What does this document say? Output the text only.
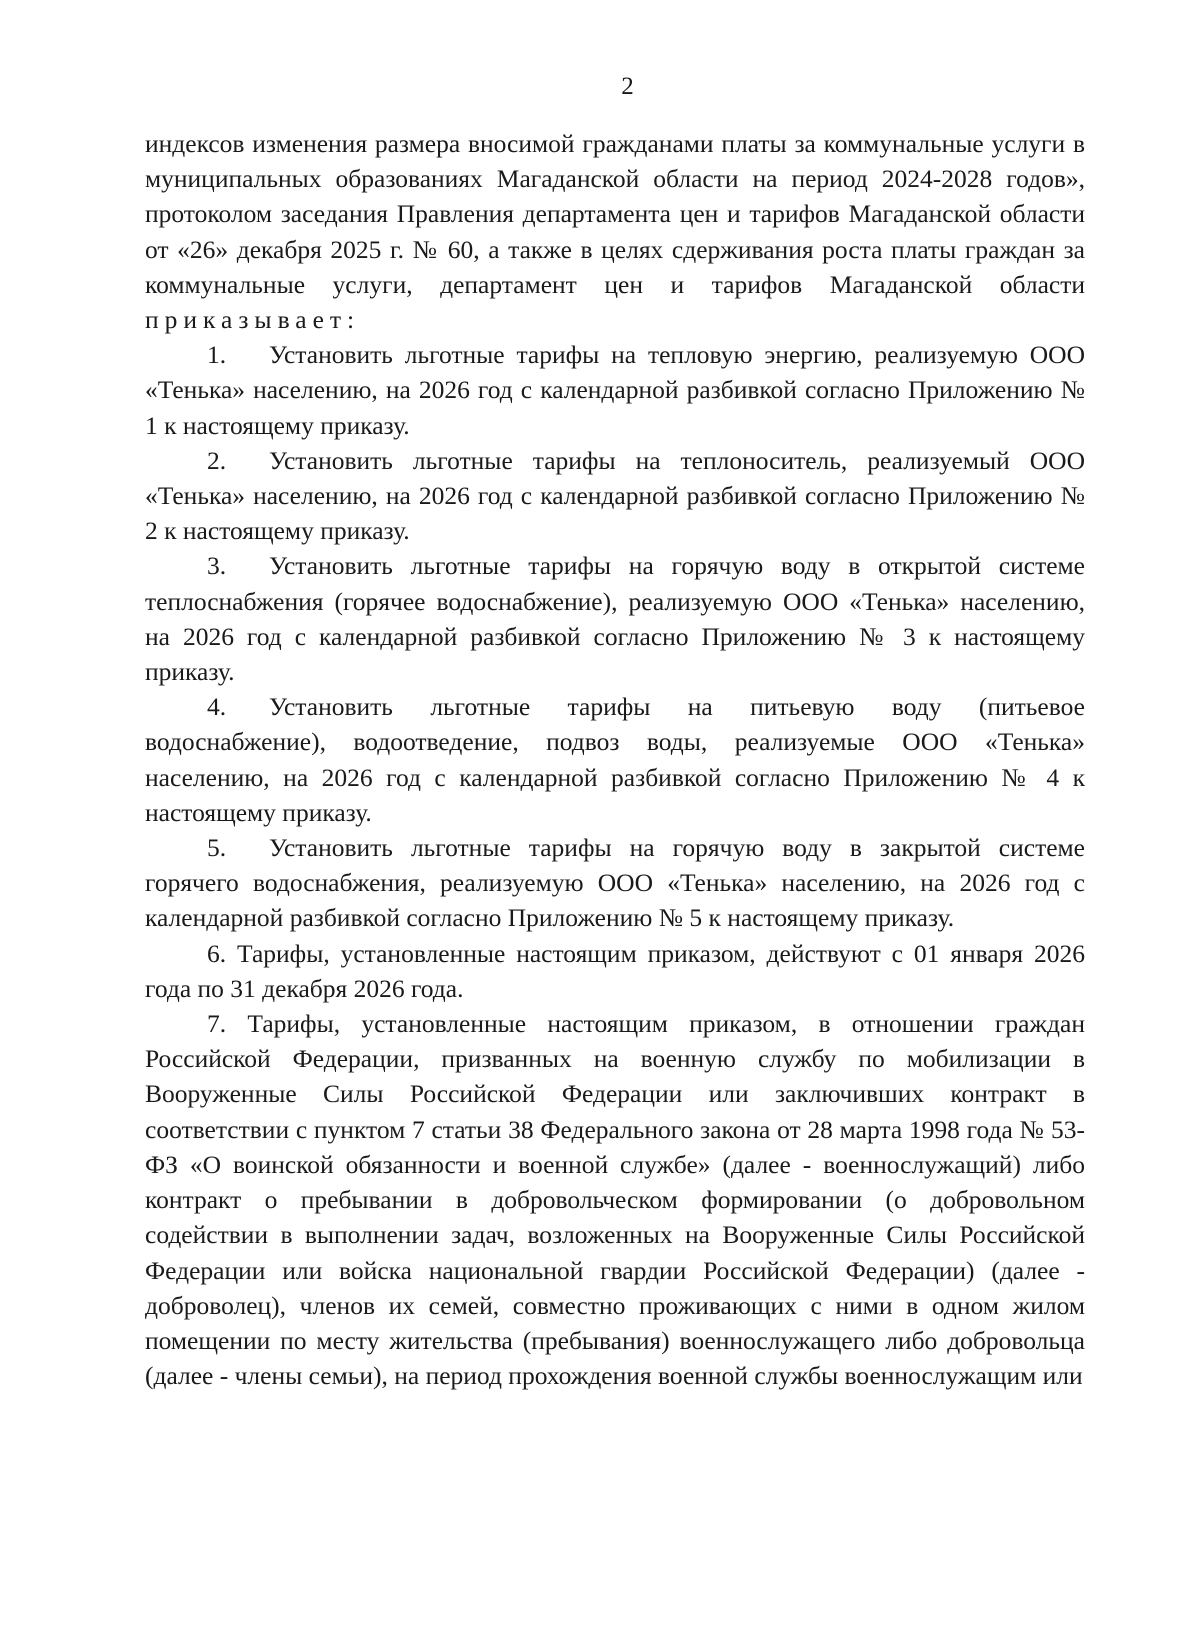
2

индексов изменения размера вносимой гражданами платы за коммунальные услуги в муниципальных образованиях Магаданской области на период 2024-2028 годов», протоколом заседания Правления департамента цен и тарифов Магаданской области от «26» декабря 2025 г. № 60, а также в целях сдерживания роста платы граждан за коммунальные услуги, департамент цен и тарифов Магаданской области приказывает:

1. Установить льготные тарифы на тепловую энергию, реализуемую ООО «Тенька» населению, на 2026 год с календарной разбивкой согласно Приложению № 1 к настоящему приказу.

2. Установить льготные тарифы на теплоноситель, реализуемый ООО «Тенька» населению, на 2026 год с календарной разбивкой согласно Приложению № 2 к настоящему приказу.

3. Установить льготные тарифы на горячую воду в открытой системе теплоснабжения (горячее водоснабжение), реализуемую ООО «Тенька» населению, на 2026 год с календарной разбивкой согласно Приложению № 3 к настоящему приказу.

4. Установить льготные тарифы на питьевую воду (питьевое водоснабжение), водоотведение, подвоз воды, реализуемые ООО «Тенька» населению, на 2026 год с календарной разбивкой согласно Приложению № 4 к настоящему приказу.

5. Установить льготные тарифы на горячую воду в закрытой системе горячего водоснабжения, реализуемую ООО «Тенька» населению, на 2026 год с календарной разбивкой согласно Приложению № 5 к настоящему приказу.

6. Тарифы, установленные настоящим приказом, действуют с 01 января 2026 года по 31 декабря 2026 года.

7. Тарифы, установленные настоящим приказом, в отношении граждан Российской Федерации, призванных на военную службу по мобилизации в Вооруженные Силы Российской Федерации или заключивших контракт в соответствии с пунктом 7 статьи 38 Федерального закона от 28 марта 1998 года № 53-ФЗ «О воинской обязанности и военной службе» (далее - военнослужащий) либо контракт о пребывании в добровольческом формировании (о добровольном содействии в выполнении задач, возложенных на Вооруженные Силы Российской Федерации или войска национальной гвардии Российской Федерации) (далее - доброволец), членов их семей, совместно проживающих с ними в одном жилом помещении по месту жительства (пребывания) военнослужащего либо добровольца (далее - члены семьи), на период прохождения военной службы военнослужащим или
